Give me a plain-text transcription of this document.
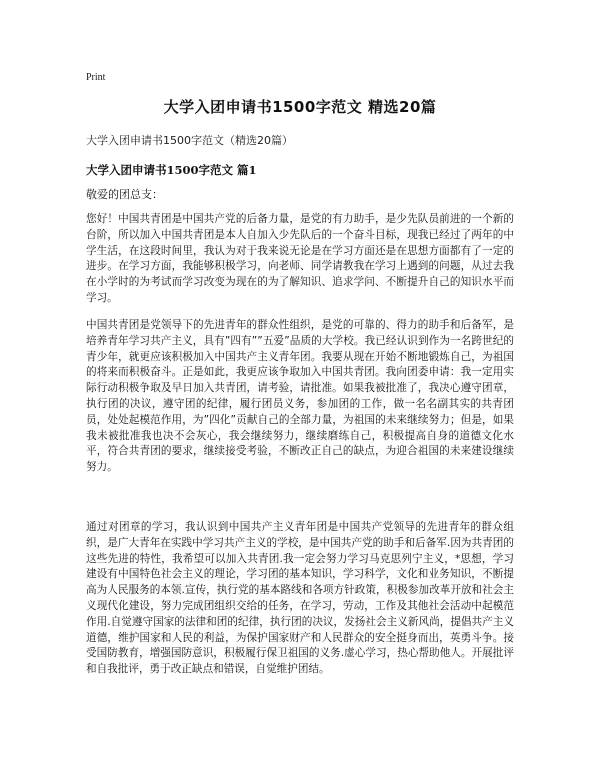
Print
大学入团申请书1500字范文 精选20篇
大学入团申请书1500字范文（精选20篇）
大学入团申请书1500字范文 篇1
敬爱的团总支：

您好！中国共青团是中国共产党的后备力量，是党的有力助手，是少先队员前进的一个新的台阶，所以加入中国共青团是本人自加入少先队后的一个奋斗目标，现我已经过了两年的中学生活，在这段时间里，我认为对于我来说无论是在学习方面还是在思想方面都有了一定的进步。在学习方面，我能够积极学习，向老师、同学请教我在学习上遇到的问题，从过去我在小学时的为考试而学习改变为现在的为了解知识、追求学问、不断提升自己的知识水平而学习。

中国共青团是党领导下的先进青年的群众性组织，是党的可靠的、得力的助手和后备军，是培养青年学习共产主义，具有”四有””五爱”品质的大学校。我已经认识到作为一名跨世纪的青少年，就更应该积极加入中国共产主义青年团。我要从现在开始不断地锻炼自己，为祖国的将来而积极奋斗。正是如此，我更应该争取加入中国共青团。我向团委申请：我一定用实际行动积极争取及早日加入共青团，请考验，请批准。如果我被批准了，我决心遵守团章，执行团的决议，遵守团的纪律，履行团员义务，参加团的工作，做一名名副其实的共青团员，处处起模范作用，为”四化”贡献自己的全部力量，为祖国的未来继续努力；但是，如果我未被批准我也决不会灰心，我会继续努力，继续磨练自己，积极提高自身的道德文化水平，符合共青团的要求，继续接受考验，不断改正自己的缺点，为迎合祖国的未来建设继续努力。

通过对团章的学习，我认识到中国共产主义青年团是中国共产党领导的先进青年的群众组织，是广大青年在实践中学习共产主义的学校，是中国共产党的助手和后备军.因为共青团的这些先进的特性，我希望可以加入共青团.我一定会努力学习马克思列宁主义，*思想，学习建设有中国特色社会主义的理论，学习团的基本知识，学习科学，文化和业务知识，不断提高为人民服务的本领.宣传，执行党的基本路线和各项方针政策，积极参加改革开放和社会主义现代化建设，努力完成团组织交给的任务，在学习，劳动，工作及其他社会活动中起模范作用.自觉遵守国家的法律和团的纪律，执行团的决议，发扬社会主义新风尚，提倡共产主义道德，维护国家和人民的利益，为保护国家财产和人民群众的安全挺身而出，英勇斗争。接受国防教育，增强国防意识，积极履行保卫祖国的义务.虚心学习，热心帮助他人。开展批评和自我批评，勇于改正缺点和错误，自觉维护团结。
